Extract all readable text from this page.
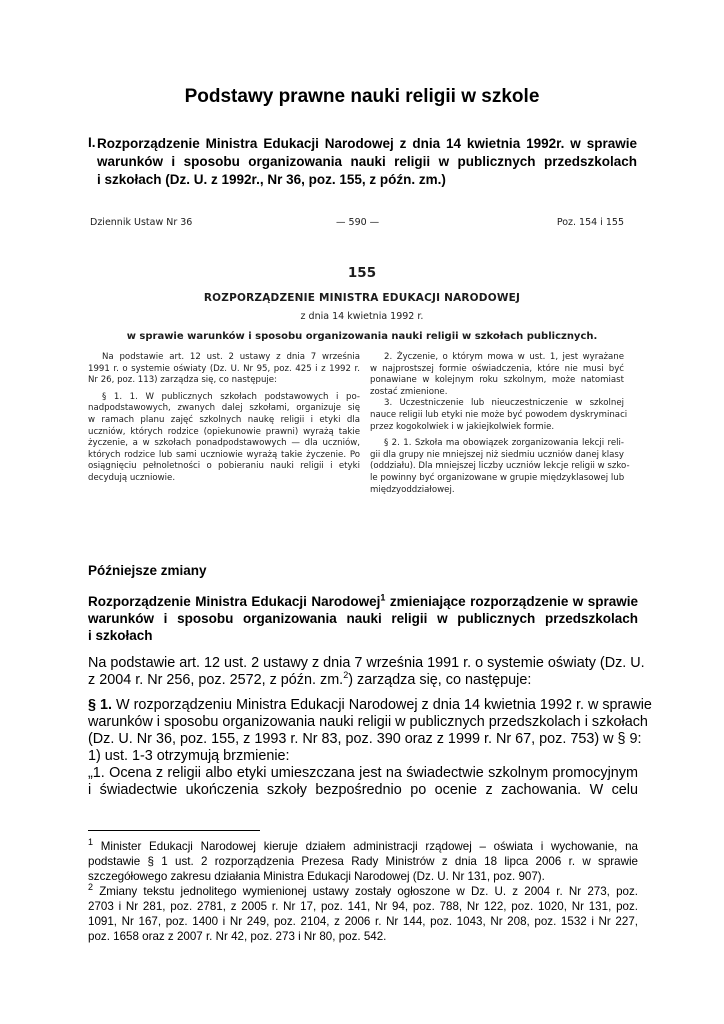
Podstawy prawne nauki religii w szkole
I. Rozporządzenie Ministra Edukacji Narodowej z dnia 14 kwietnia 1992r. w sprawie
warunków i sposobu organizowania nauki religii w publicznych przedszkolach
i szkołach (Dz. U. z 1992r., Nr 36, poz. 155, z późn. zm.)
Dziennik Ustaw Nr 36	— 590 —	Poz. 154 i 155
155
ROZPORZĄDZENIE MINISTRA EDUKACJI NARODOWEJ
z dnia 14 kwietnia 1992 r.
w sprawie warunków i sposobu organizowania nauki religii w szkołach publicznych.
Na podstawie art. 12 ust. 2 ustawy z dnia 7 września
1991 r. o systemie oświaty (Dz. U. Nr 95, poz. 425 i z 1992 r.
Nr 26, poz. 113) zarządza się, co następuje:
§ 1. 1. W publicznych szkołach podstawowych i po-
nadpodstawowych, zwanych dalej szkołami, organizuje się
w ramach planu zajęć szkolnych naukę religii i etyki dla
uczniów, których rodzice (opiekunowie prawni) wyrażą takie
życzenie, a w szkołach ponadpodstawowych — dla uczniów,
których rodzice lub sami uczniowie wyrażą takie życzenie. Po
osiągnięciu pełnoletności o pobieraniu nauki religii i etyki
decydują uczniowie.
2. Życzenie, o którym mowa w ust. 1, jest wyrażane
w najprostszej formie oświadczenia, które nie musi być
ponawiane w kolejnym roku szkolnym, może natomiast
zostać zmienione.
3. Uczestniczenie lub nieuczestniczenie w szkolnej
nauce religii lub etyki nie może być powodem dyskryminaci
przez kogokolwiek i w jakiejkolwiek formie.
§ 2. 1. Szkoła ma obowiązek zorganizowania lekcji reli-
gii dla grupy nie mniejszej niż siedmiu uczniów danej klasy
(oddziału). Dla mniejszej liczby uczniów lekcje religii w szko-
le powinny być organizowane w grupie międzyklasowej lub
międzyoddziałowej.
Późniejsze zmiany
Rozporządzenie Ministra Edukacji Narodowej$^1$ zmieniające rozporządzenie w sprawie
warunków i sposobu organizowania nauki religii w publicznych przedszkolach
i szkołach
Na podstawie art. 12 ust. 2 ustawy z dnia 7 września 1991 r. o systemie oświaty (Dz. U.
z 2004 r. Nr 256, poz. 2572, z późn. zm.$^2$) zarządza się, co następuje:
§ 1. W rozporządzeniu Ministra Edukacji Narodowej z dnia 14 kwietnia 1992 r. w sprawie
warunków i sposobu organizowania nauki religii w publicznych przedszkolach i szkołach
(Dz. U. Nr 36, poz. 155, z 1993 r. Nr 83, poz. 390 oraz z 1999 r. Nr 67, poz. 753) w § 9:
1) ust. 1-3 otrzymują brzmienie:
„1. Ocena z religii albo etyki umieszczana jest na świadectwie szkolnym promocyjnym
i świadectwie ukończenia szkoły bezpośrednio po ocenie z zachowania. W celu
$^1$ Minister Edukacji Narodowej kieruje działem administracji rządowej – oświata i wychowanie, na
podstawie § 1 ust. 2 rozporządzenia Prezesa Rady Ministrów z dnia 18 lipca 2006 r. w sprawie
szczegółowego zakresu działania Ministra Edukacji Narodowej (Dz. U. Nr 131, poz. 907).
$^2$ Zmiany tekstu jednolitego wymienionej ustawy zostały ogłoszone w Dz. U. z 2004 r. Nr 273, poz.
2703 i Nr 281, poz. 2781, z 2005 r. Nr 17, poz. 141, Nr 94, poz. 788, Nr 122, poz. 1020, Nr 131, poz.
1091, Nr 167, poz. 1400 i Nr 249, poz. 2104, z 2006 r. Nr 144, poz. 1043, Nr 208, poz. 1532 i Nr 227,
poz. 1658 oraz z 2007 r. Nr 42, poz. 273 i Nr 80, poz. 542.
